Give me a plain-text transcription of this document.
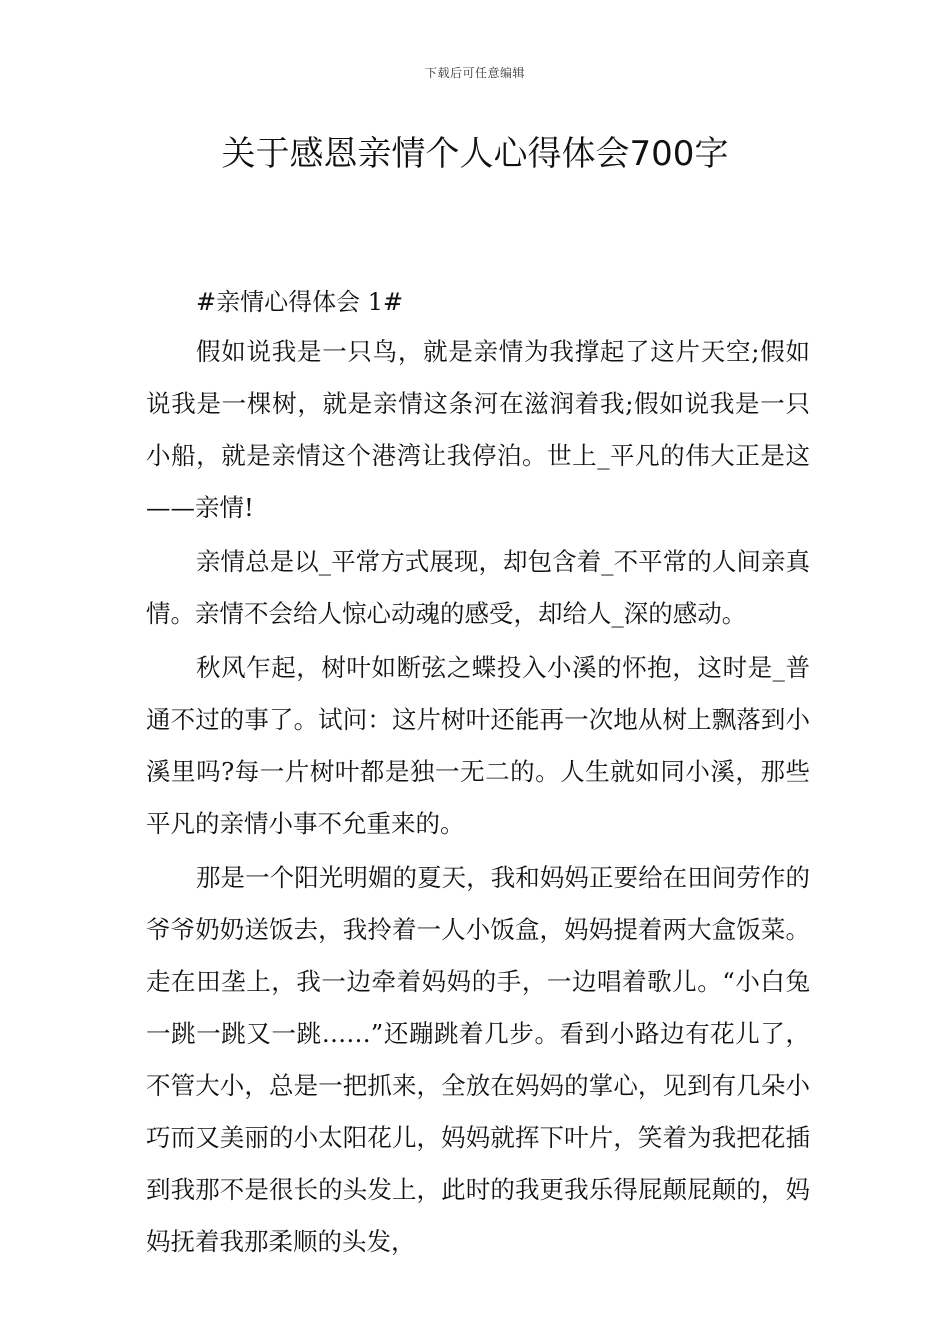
下载后可任意编辑
关于感恩亲情个人心得体会700字

#亲情心得体会 1#

假如说我是一只鸟，就是亲情为我撑起了这片天空;假如说我是一棵树，就是亲情这条河在滋润着我;假如说我是一只小船，就是亲情这个港湾让我停泊。世上_平凡的伟大正是这——亲情!

亲情总是以_平常方式展现，却包含着_不平常的人间亲真情。亲情不会给人惊心动魂的感受，却给人_深的感动。

秋风乍起，树叶如断弦之蝶投入小溪的怀抱，这时是_普通不过的事了。试问：这片树叶还能再一次地从树上飘落到小溪里吗?每一片树叶都是独一无二的。人生就如同小溪，那些平凡的亲情小事不允重来的。

那是一个阳光明媚的夏天，我和妈妈正要给在田间劳作的爷爷奶奶送饭去，我拎着一人小饭盒，妈妈提着两大盒饭菜。走在田垄上，我一边牵着妈妈的手，一边唱着歌儿。“小白兔一跳一跳又一跳……”还蹦跳着几步。看到小路边有花儿了，不管大小，总是一把抓来，全放在妈妈的掌心，见到有几朵小巧而又美丽的小太阳花儿，妈妈就挥下叶片，笑着为我把花插到我那不是很长的头发上，此时的我更我乐得屁颠屁颠的，妈妈抚着我那柔顺的头发，
